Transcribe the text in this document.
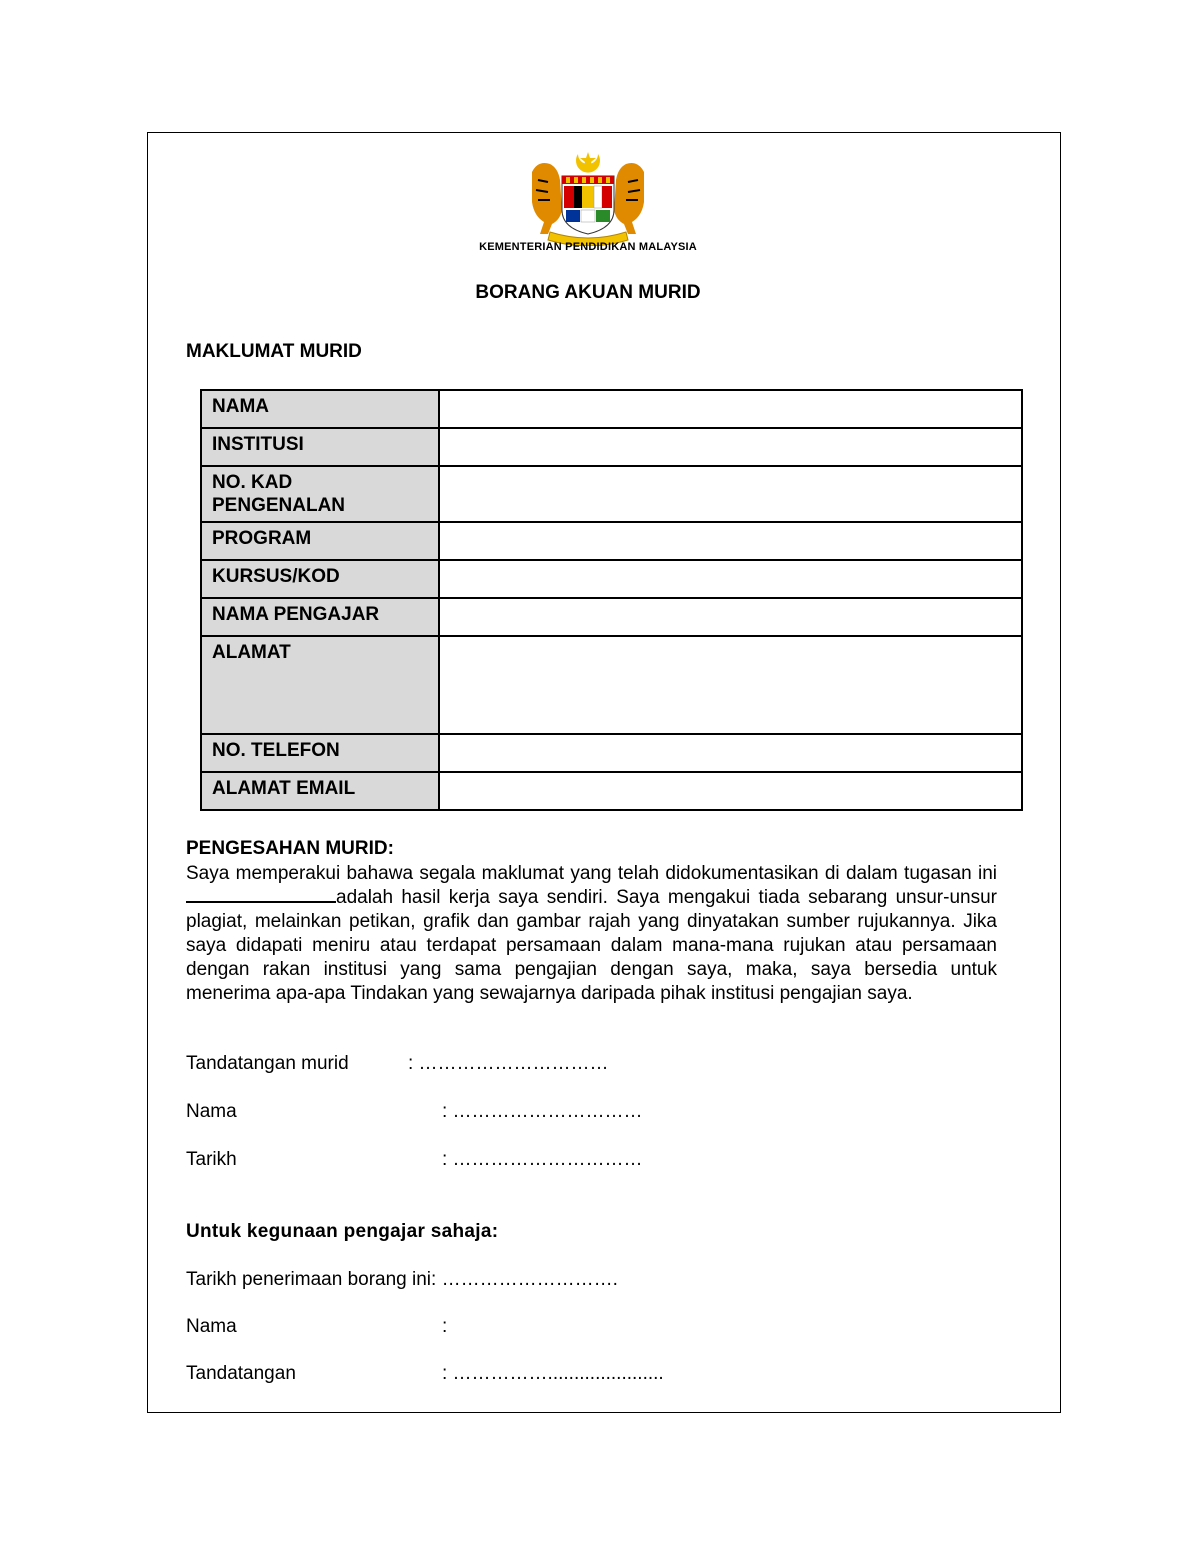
KEMENTERIAN PENDIDIKAN MALAYSIA
BORANG AKUAN MURID
MAKLUMAT MURID
NAMA	
INSTITUSI	
NO. KAD PENGENALAN	
PROGRAM	
KURSUS/KOD	
NAMA PENGAJAR	
ALAMAT	
NO. TELEFON	
ALAMAT EMAIL	
PENGESAHAN MURID:
Saya memperakui bahawa segala maklumat yang telah didokumentasikan di dalam tugasan ini adalah hasil kerja saya sendiri. Saya mengakui tiada sebarang unsur-unsur plagiat, melainkan petikan, grafik dan gambar rajah yang dinyatakan sumber rujukannya. Jika saya didapati meniru atau terdapat persamaan dalam mana-mana rujukan atau persamaan dengan rakan institusi yang sama pengajian dengan saya, maka, saya bersedia untuk menerima apa-apa Tindakan yang sewajarnya daripada pihak institusi pengajian saya.
Tandatangan murid	: …………………………
Nama	: …………………………
Tarikh	: …………………………
Untuk kegunaan pengajar sahaja:
Tarikh penerimaan borang ini: ……………………….
Nama	:
Tandatangan	: ……………......................
